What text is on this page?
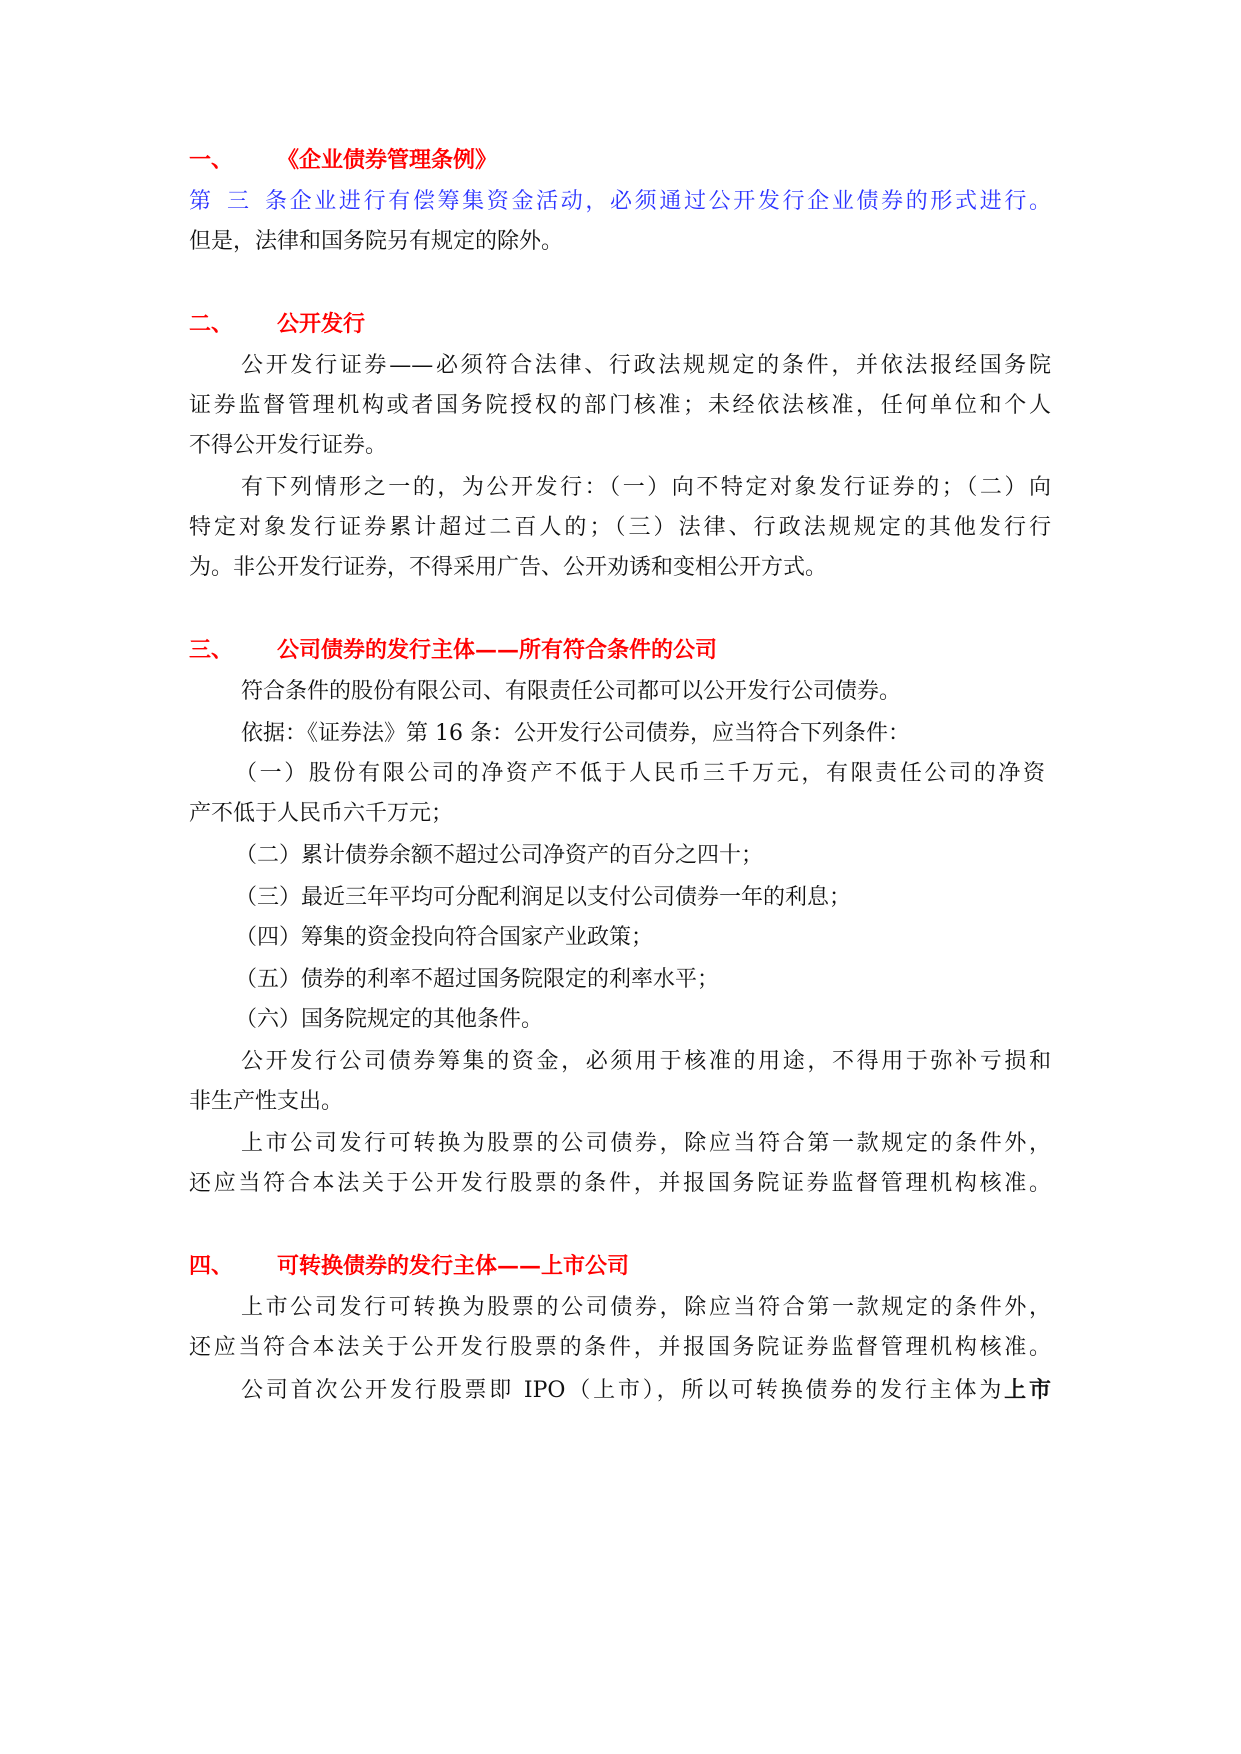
一、 《企业债券管理条例》
第三条企业进行有偿筹集资金活动，必须通过公开发行企业债券的形式进行。
但是，法律和国务院另有规定的除外。
二、 公开发行
公开发行证券——必须符合法律、行政法规规定的条件，并依法报经国务院
证券监督管理机构或者国务院授权的部门核准；未经依法核准，任何单位和个人
不得公开发行证券。
有下列情形之一的，为公开发行：（一）向不特定对象发行证券的；（二）向
特定对象发行证券累计超过二百人的；（三）法律、行政法规规定的其他发行行
为。非公开发行证券，不得采用广告、公开劝诱和变相公开方式。
三、 公司债券的发行主体——所有符合条件的公司
符合条件的股份有限公司、有限责任公司都可以公开发行公司债券。
依据：《证券法》第 16 条：公开发行公司债券，应当符合下列条件：
（一）股份有限公司的净资产不低于人民币三千万元，有限责任公司的净资
产不低于人民币六千万元；
（二）累计债券余额不超过公司净资产的百分之四十；
（三）最近三年平均可分配利润足以支付公司债券一年的利息；
（四）筹集的资金投向符合国家产业政策；
（五）债券的利率不超过国务院限定的利率水平；
（六）国务院规定的其他条件。
公开发行公司债券筹集的资金，必须用于核准的用途，不得用于弥补亏损和
非生产性支出。
上市公司发行可转换为股票的公司债券，除应当符合第一款规定的条件外，
还应当符合本法关于公开发行股票的条件，并报国务院证券监督管理机构核准。
四、 可转换债券的发行主体——上市公司
上市公司发行可转换为股票的公司债券，除应当符合第一款规定的条件外，
还应当符合本法关于公开发行股票的条件，并报国务院证券监督管理机构核准。
公司首次公开发行股票即 IPO（上市），所以可转换债券的发行主体为上市
